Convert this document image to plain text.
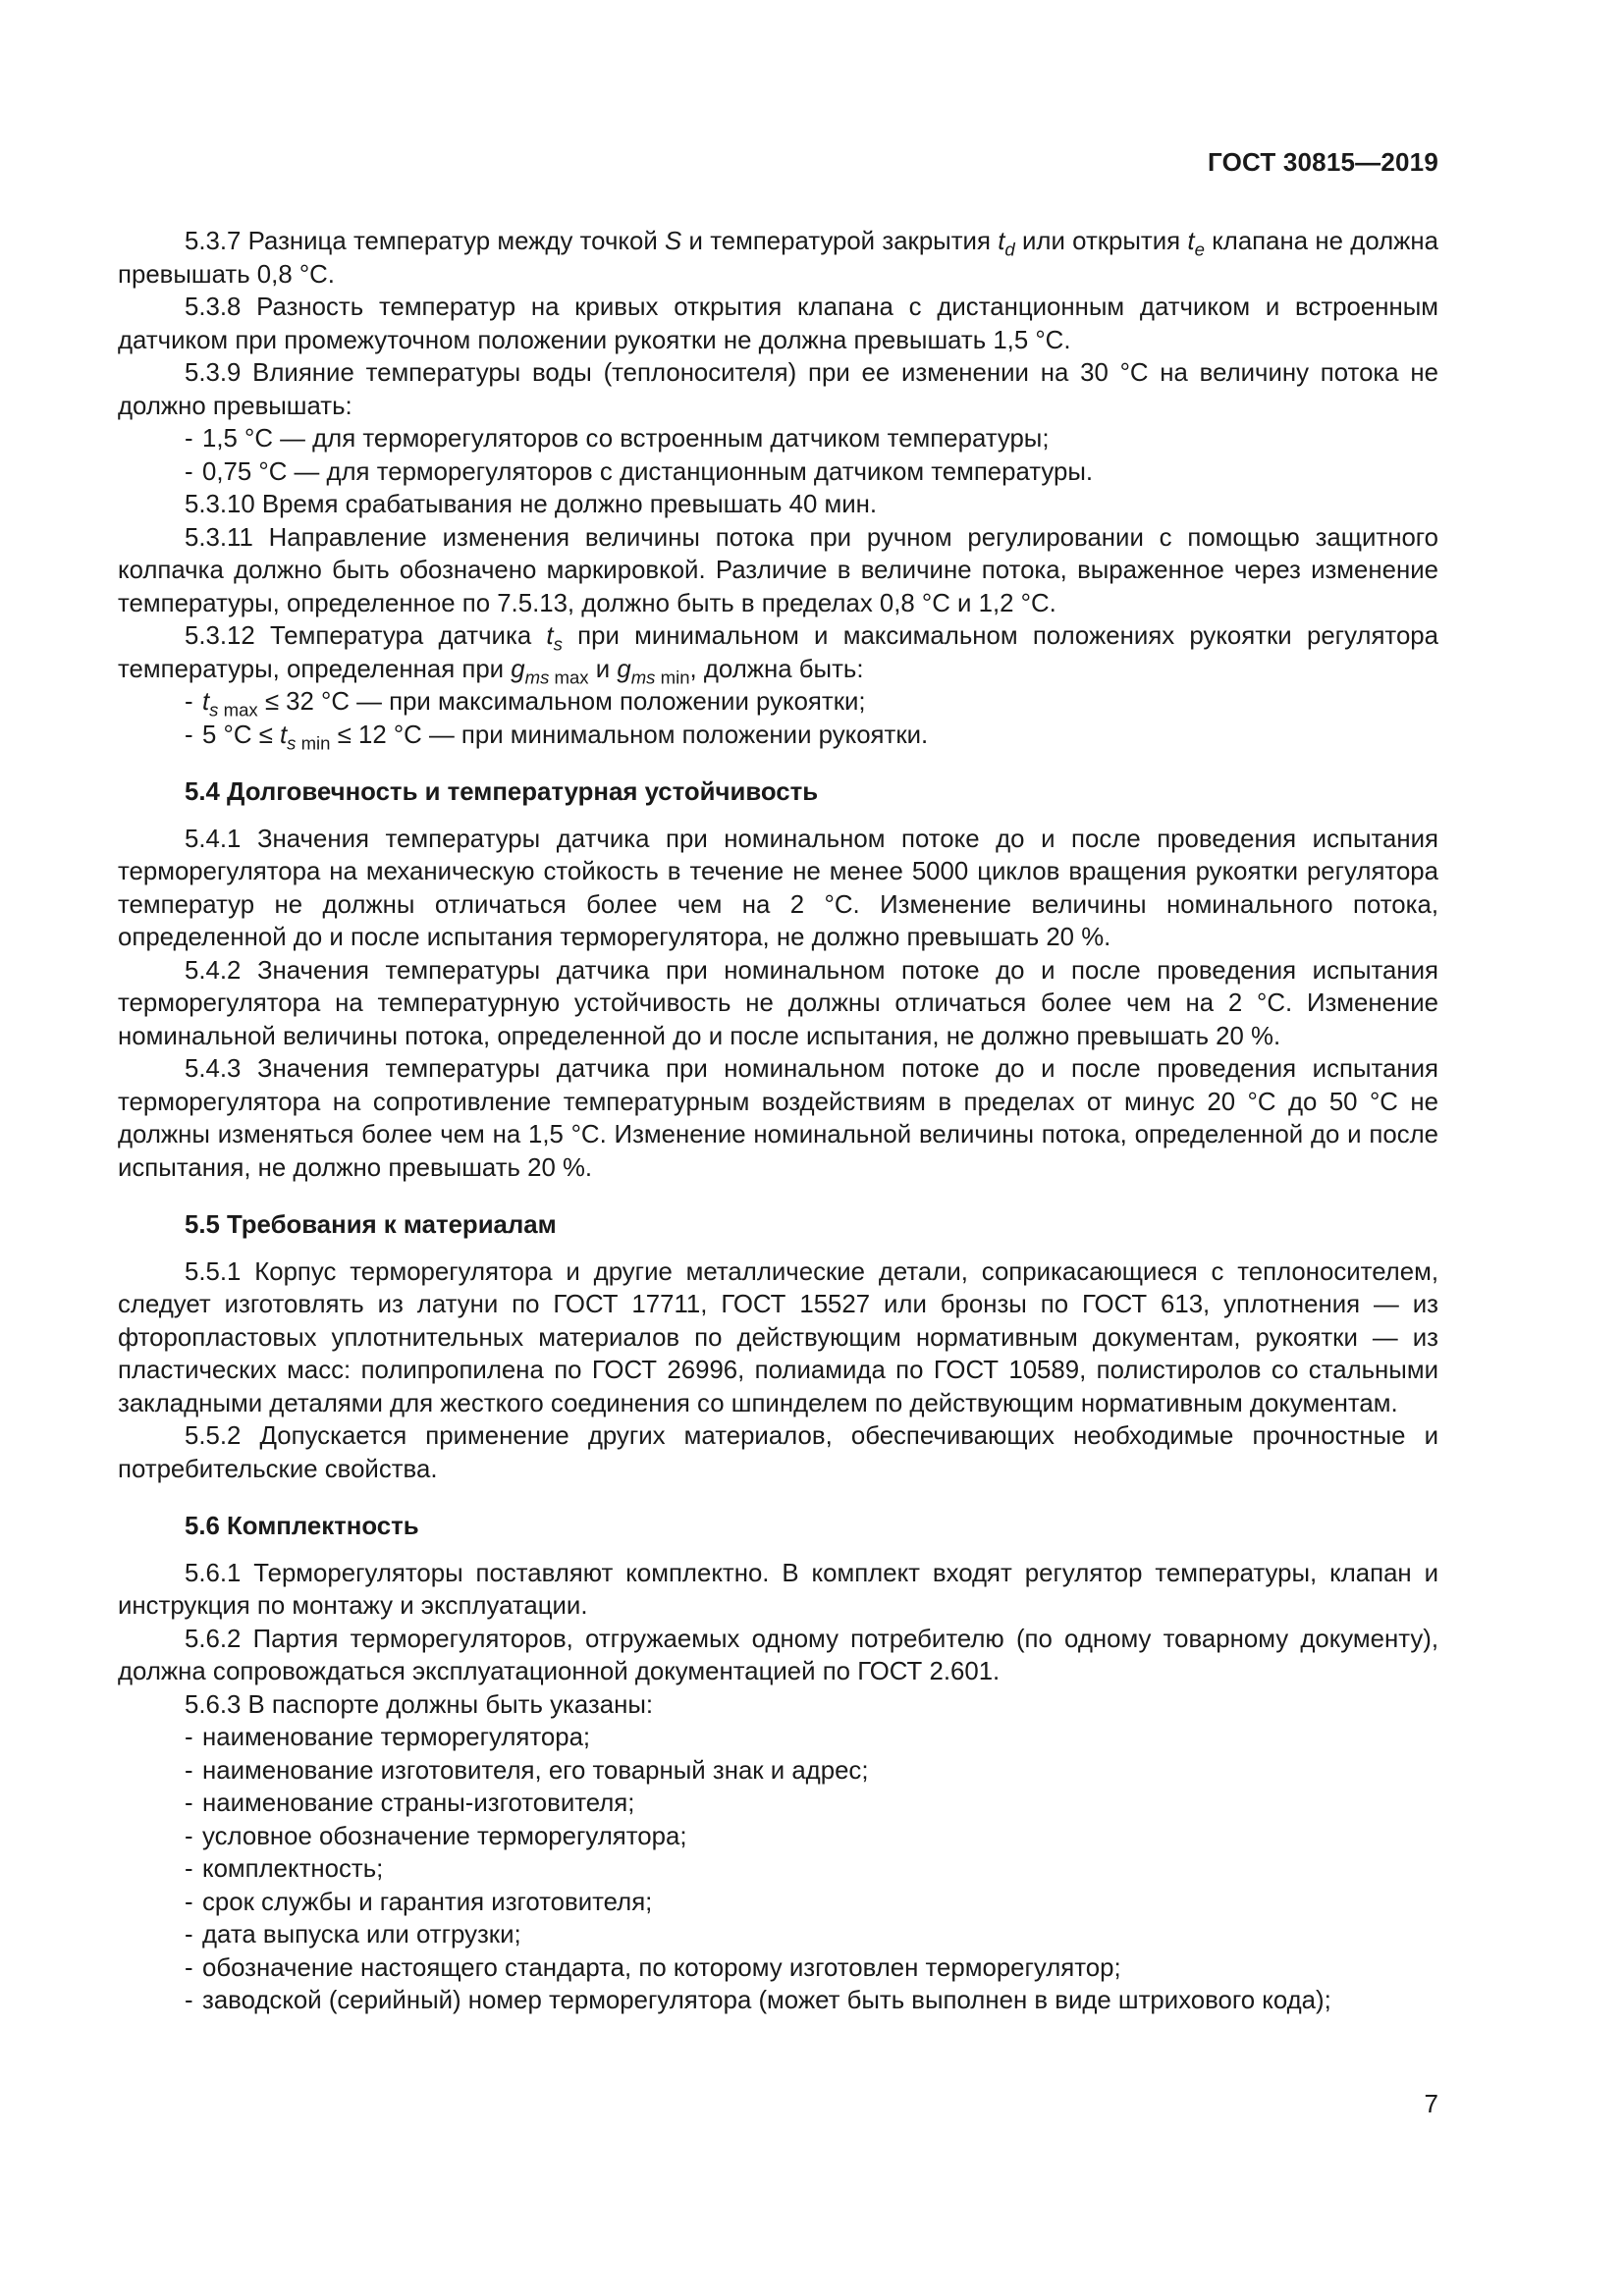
ГОСТ 30815—2019

5.3.7 Разница температур между точкой S и температурой закрытия $t_d$ или открытия $t_e$ клапана не должна превышать 0,8 °С.

5.3.8 Разность температур на кривых открытия клапана с дистанционным датчиком и встроенным датчиком при промежуточном положении рукоятки не должна превышать 1,5 °С.

5.3.9 Влияние температуры воды (теплоносителя) при ее изменении на 30 °С на величину потока не должно превышать:

- 1,5 °С — для терморегуляторов со встроенным датчиком температуры;

- 0,75 °С — для терморегуляторов с дистанционным датчиком температуры.

5.3.10 Время срабатывания не должно превышать 40 мин.

5.3.11 Направление изменения величины потока при ручном регулировании с помощью защитного колпачка должно быть обозначено маркировкой. Различие в величине потока, выраженное через изменение температуры, определенное по 7.5.13, должно быть в пределах 0,8 °С и 1,2 °С.

5.3.12 Температура датчика $t_s$ при минимальном и максимальном положениях рукоятки регулятора температуры, определенная при $g_{ms max}$ и $g_{ms min}$, должна быть:

- $t_{s max} \le 32$ °С — при максимальном положении рукоятки;

- 5 $^\circ С \le t_{s min} \le 12$ °С — при минимальном положении рукоятки.

5.4 Долговечность и температурная устойчивость

5.4.1 Значения температуры датчика при номинальном потоке до и после проведения испытания терморегулятора на механическую стойкость в течение не менее 5000 циклов вращения рукоятки регулятора температур не должны отличаться более чем на 2 °С. Изменение величины номинального потока, определенной до и после испытания терморегулятора, не должно превышать 20 %.

5.4.2 Значения температуры датчика при номинальном потоке до и после проведения испытания терморегулятора на температурную устойчивость не должны отличаться более чем на 2 °С. Изменение номинальной величины потока, определенной до и после испытания, не должно превышать 20 %.

5.4.3 Значения температуры датчика при номинальном потоке до и после проведения испытания терморегулятора на сопротивление температурным воздействиям в пределах от минус 20 °С до 50 °С не должны изменяться более чем на 1,5 °С. Изменение номинальной величины потока, определенной до и после испытания, не должно превышать 20 %.

5.5 Требования к материалам

5.5.1 Корпус терморегулятора и другие металлические детали, соприкасающиеся с теплоносителем, следует изготовлять из латуни по ГОСТ 17711, ГОСТ 15527 или бронзы по ГОСТ 613, уплотнения — из фторопластовых уплотнительных материалов по действующим нормативным документам, рукоятки — из пластических масс: полипропилена по ГОСТ 26996, полиамида по ГОСТ 10589, полистиролов со стальными закладными деталями для жесткого соединения со шпинделем по действующим нормативным документам.

5.5.2 Допускается применение других материалов, обеспечивающих необходимые прочностные и потребительские свойства.

5.6 Комплектность

5.6.1 Терморегуляторы поставляют комплектно. В комплект входят регулятор температуры, клапан и инструкция по монтажу и эксплуатации.

5.6.2 Партия терморегуляторов, отгружаемых одному потребителю (по одному товарному документу), должна сопровождаться эксплуатационной документацией по ГОСТ 2.601.

5.6.3 В паспорте должны быть указаны:

- наименование терморегулятора;

- наименование изготовителя, его товарный знак и адрес;

- наименование страны-изготовителя;

- условное обозначение терморегулятора;

- комплектность;

- срок службы и гарантия изготовителя;

- дата выпуска или отгрузки;

- обозначение настоящего стандарта, по которому изготовлен терморегулятор;

- заводской (серийный) номер терморегулятора (может быть выполнен в виде штрихового кода);

7
